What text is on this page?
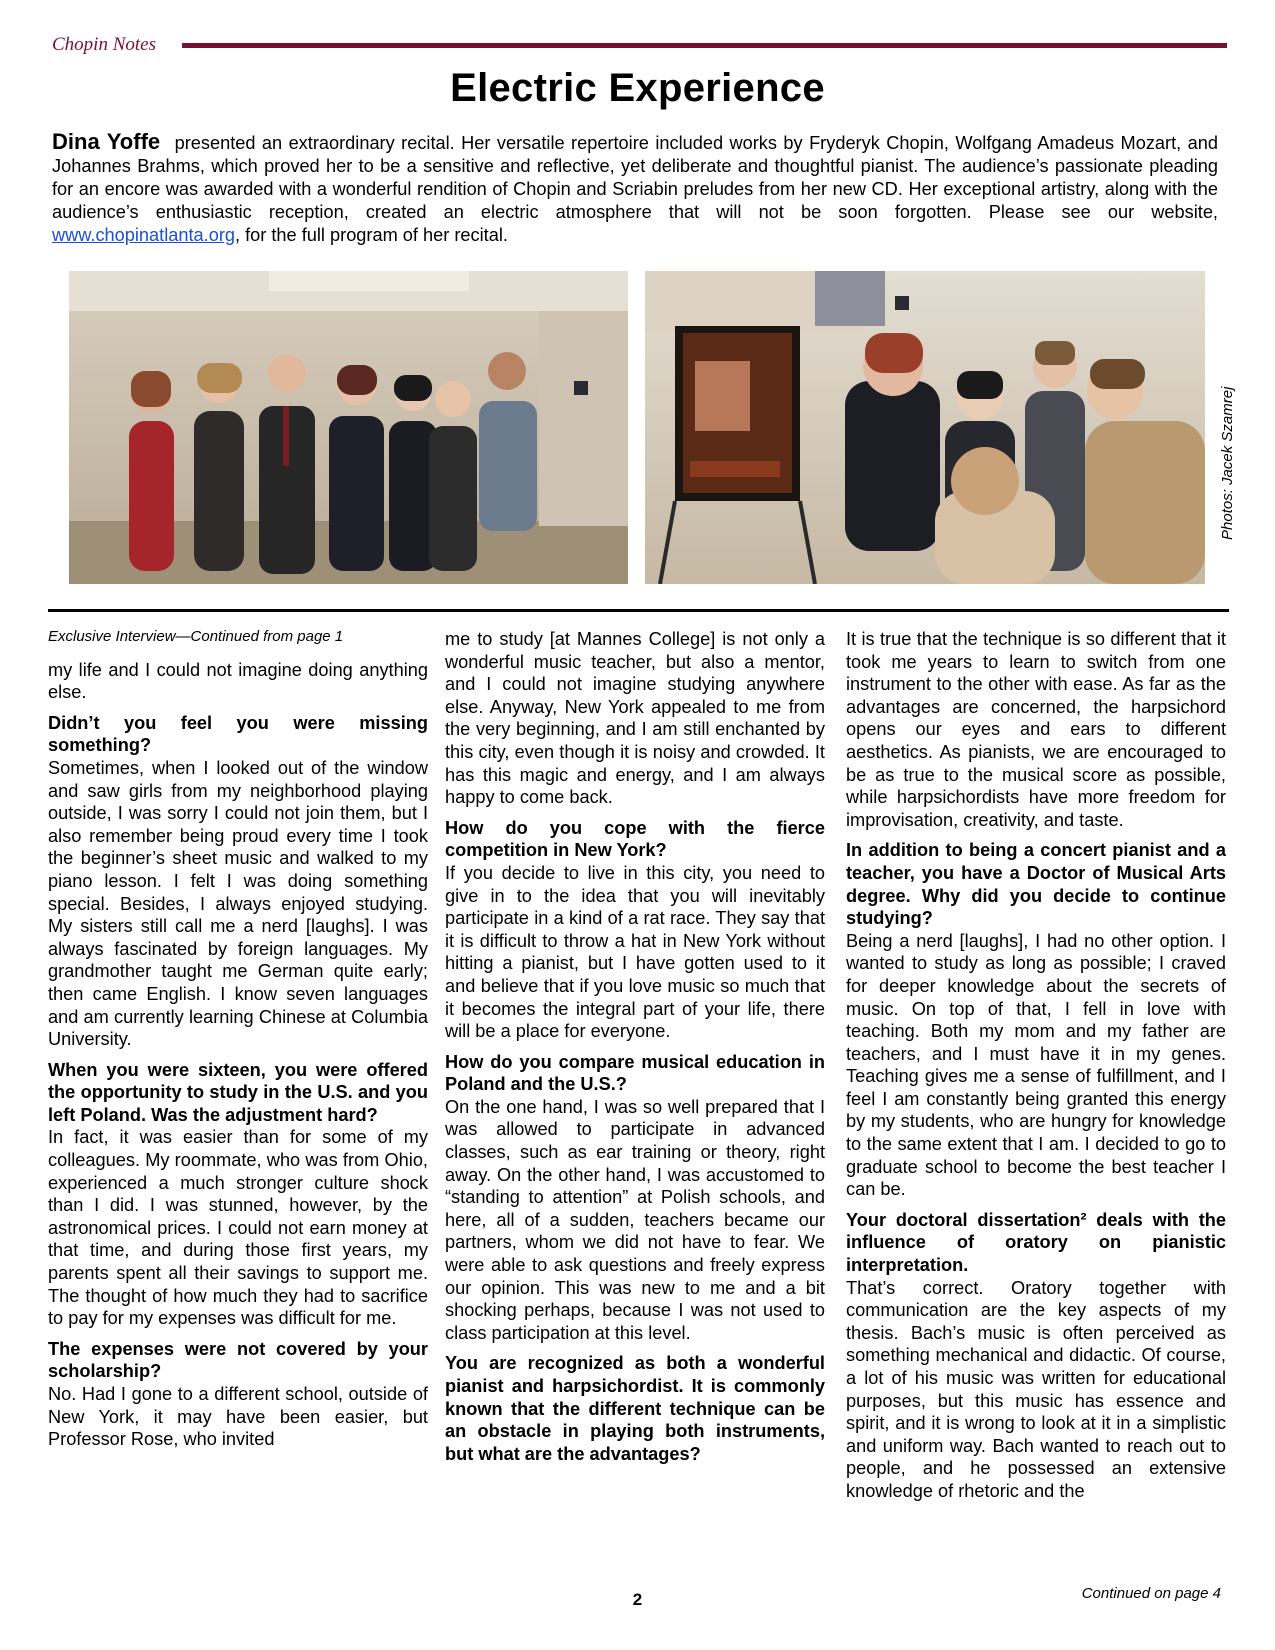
Chopin Notes
Electric Experience
Dina Yoffe presented an extraordinary recital. Her versatile repertoire included works by Fryderyk Chopin, Wolfgang Amadeus Mozart, and Johannes Brahms, which proved her to be a sensitive and reflective, yet deliberate and thoughtful pianist. The audience’s passionate pleading for an encore was awarded with a wonderful rendition of Chopin and Scriabin preludes from her new CD. Her exceptional artistry, along with the audience’s enthusiastic reception, created an electric atmosphere that will not be soon forgotten. Please see our website, www.chopinatlanta.org, for the full program of her recital.
Photos: Jacek Szamrej
Exclusive Interview—Continued from page 1

my life and I could not imagine doing anything else.

Didn’t you feel you were missing something?

Sometimes, when I looked out of the window and saw girls from my neighborhood playing outside, I was sorry I could not join them, but I also remember being proud every time I took the beginner’s sheet music and walked to my piano lesson. I felt I was doing something special. Besides, I always enjoyed studying. My sisters still call me a nerd [laughs]. I was always fascinated by foreign languages. My grandmother taught me German quite early; then came English. I know seven languages and am currently learning Chinese at Columbia University.

When you were sixteen, you were offered the opportunity to study in the U.S. and you left Poland. Was the adjustment hard?

In fact, it was easier than for some of my colleagues. My roommate, who was from Ohio, experienced a much stronger culture shock than I did. I was stunned, however, by the astronomical prices. I could not earn money at that time, and during those first years, my parents spent all their savings to support me. The thought of how much they had to sacrifice to pay for my expenses was difficult for me.

The expenses were not covered by your scholarship?

No. Had I gone to a different school, outside of New York, it may have been easier, but Professor Rose, who invited

me to study [at Mannes College] is not only a wonderful music teacher, but also a mentor, and I could not imagine studying anywhere else. Anyway, New York appealed to me from the very beginning, and I am still enchanted by this city, even though it is noisy and crowded. It has this magic and energy, and I am always happy to come back.

How do you cope with the fierce competition in New York?

If you decide to live in this city, you need to give in to the idea that you will inevitably participate in a kind of a rat race. They say that it is difficult to throw a hat in New York without hitting a pianist, but I have gotten used to it and believe that if you love music so much that it becomes the integral part of your life, there will be a place for everyone.

How do you compare musical education in Poland and the U.S.?

On the one hand, I was so well prepared that I was allowed to participate in advanced classes, such as ear training or theory, right away. On the other hand, I was accustomed to “standing to attention” at Polish schools, and here, all of a sudden, teachers became our partners, whom we did not have to fear. We were able to ask questions and freely express our opinion. This was new to me and a bit shocking perhaps, because I was not used to class participation at this level.

You are recognized as both a wonderful pianist and harpsichordist. It is commonly known that the different technique can be an obstacle in playing both instruments, but what are the advantages?

It is true that the technique is so different that it took me years to learn to switch from one instrument to the other with ease. As far as the advantages are concerned, the harpsichord opens our eyes and ears to different aesthetics. As pianists, we are encouraged to be as true to the musical score as possible, while harpsichordists have more freedom for improvisation, creativity, and taste.

In addition to being a concert pianist and a teacher, you have a Doctor of Musical Arts degree. Why did you decide to continue studying?

Being a nerd [laughs], I had no other option. I wanted to study as long as possible; I craved for deeper knowledge about the secrets of music. On top of that, I fell in love with teaching. Both my mom and my father are teachers, and I must have it in my genes. Teaching gives me a sense of fulfillment, and I feel I am constantly being granted this energy by my students, who are hungry for knowledge to the same extent that I am. I decided to go to graduate school to become the best teacher I can be.

Your doctoral dissertation² deals with the influence of oratory on pianistic interpretation.

That’s correct. Oratory together with communication are the key aspects of my thesis. Bach’s music is often perceived as something mechanical and didactic. Of course, a lot of his music was written for educational purposes, but this music has essence and spirit, and it is wrong to look at it in a simplistic and uniform way. Bach wanted to reach out to people, and he possessed an extensive knowledge of rhetoric and the

2	Continued on page 4
